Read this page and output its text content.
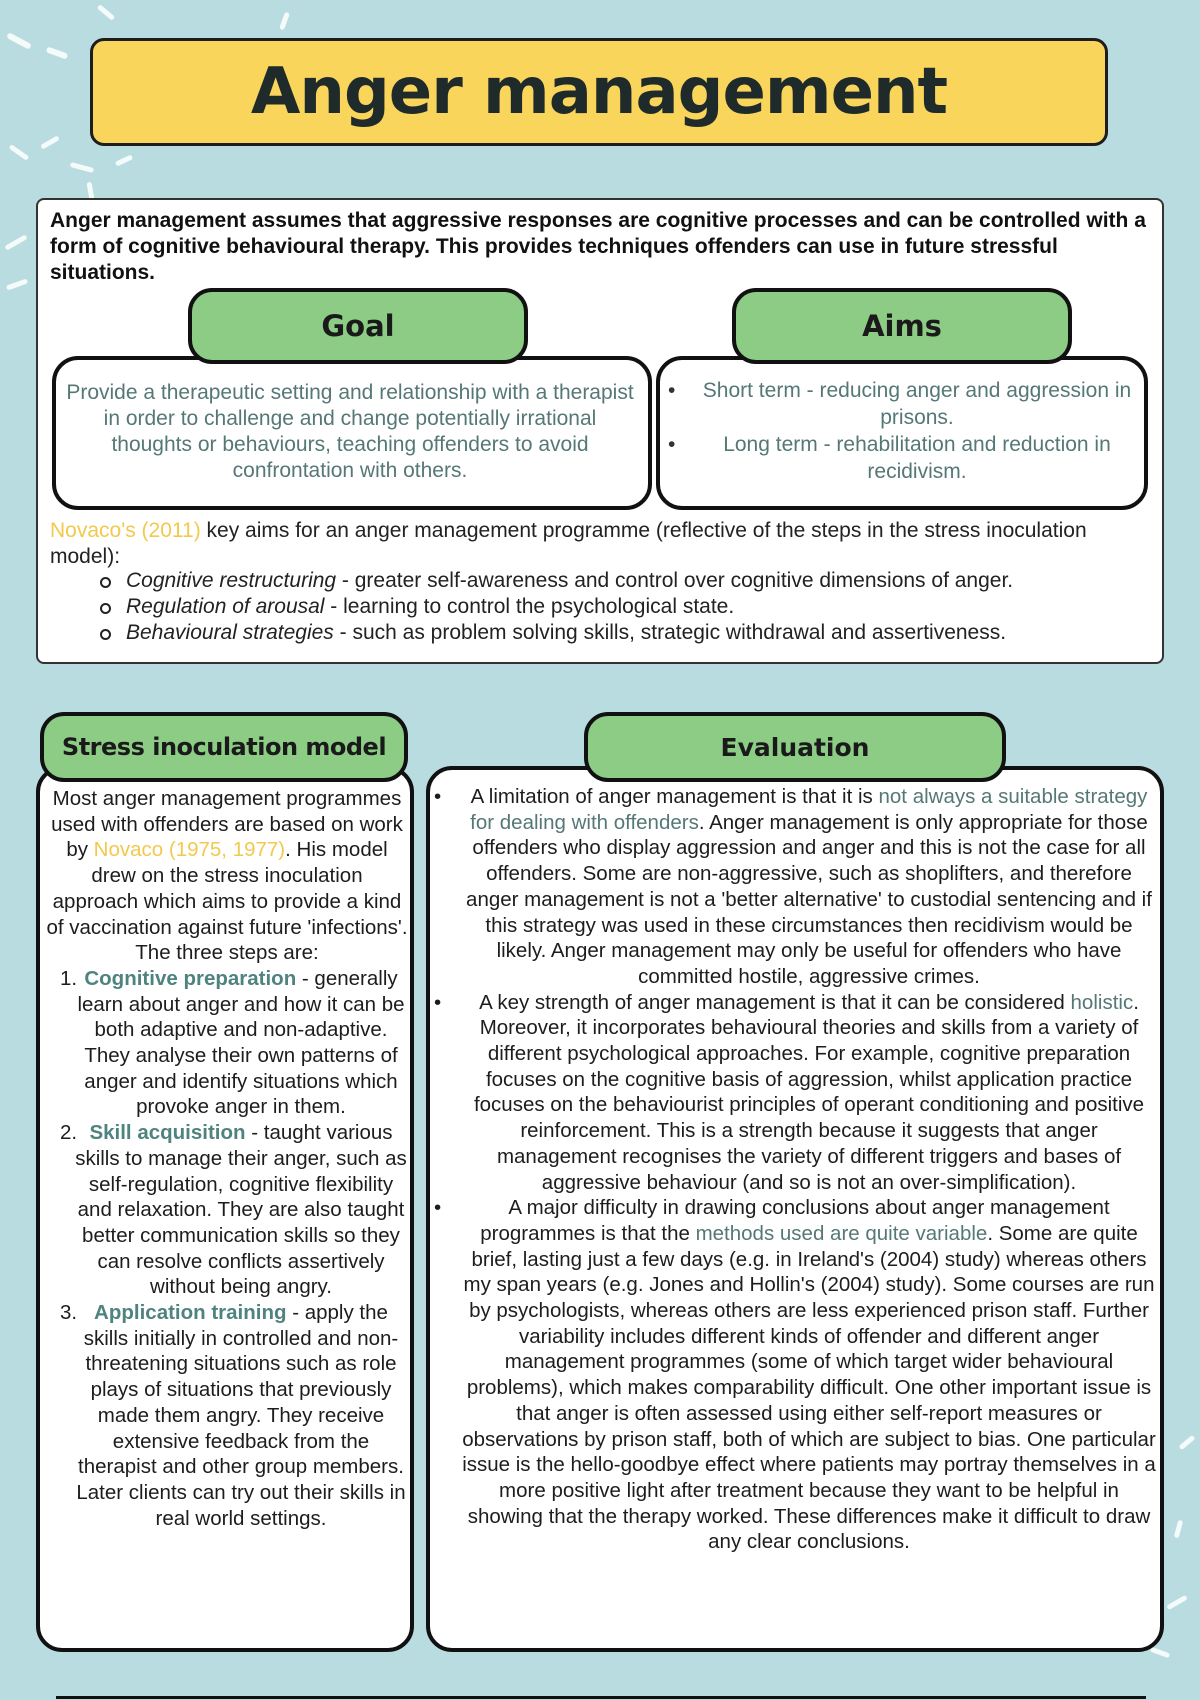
Anger management
Anger management assumes that aggressive responses are cognitive processes and can be controlled with a form of cognitive behavioural therapy. This provides techniques offenders can use in future stressful situations.
Goal
Provide a therapeutic setting and relationship with a therapist in order to challenge and change potentially irrational thoughts or behaviours, teaching offenders to avoid confrontation with others.
Aims
• Short term - reducing anger and aggression in prisons.
• Long term - rehabilitation and reduction in recidivism.
Novaco's (2011) key aims for an anger management programme (reflective of the steps in the stress inoculation model):
Cognitive restructuring - greater self-awareness and control over cognitive dimensions of anger.
Regulation of arousal - learning to control the psychological state.
Behavioural strategies - such as problem solving skills, strategic withdrawal and assertiveness.
Stress inoculation model
Most anger management programmes used with offenders are based on work by Novaco (1975, 1977). His model drew on the stress inoculation approach which aims to provide a kind of vaccination against future 'infections'. The three steps are:
1. Cognitive preparation - generally learn about anger and how it can be both adaptive and non-adaptive. They analyse their own patterns of anger and identify situations which provoke anger in them.
2. Skill acquisition - taught various skills to manage their anger, such as self-regulation, cognitive flexibility and relaxation. They are also taught better communication skills so they can resolve conflicts assertively without being angry.
3. Application training - apply the skills initially in controlled and non-threatening situations such as role plays of situations that previously made them angry. They receive extensive feedback from the therapist and other group members. Later clients can try out their skills in real world settings.
Evaluation
• A limitation of anger management is that it is not always a suitable strategy for dealing with offenders. Anger management is only appropriate for those offenders who display aggression and anger and this is not the case for all offenders. Some are non-aggressive, such as shoplifters, and therefore anger management is not a 'better alternative' to custodial sentencing and if this strategy was used in these circumstances then recidivism would be likely. Anger management may only be useful for offenders who have committed hostile, aggressive crimes.
• A key strength of anger management is that it can be considered holistic. Moreover, it incorporates behavioural theories and skills from a variety of different psychological approaches. For example, cognitive preparation focuses on the cognitive basis of aggression, whilst application practice focuses on the behaviourist principles of operant conditioning and positive reinforcement. This is a strength because it suggests that anger management recognises the variety of different triggers and bases of aggressive behaviour (and so is not an over-simplification).
• A major difficulty in drawing conclusions about anger management programmes is that the methods used are quite variable. Some are quite brief, lasting just a few days (e.g. in Ireland's (2004) study) whereas others my span years (e.g. Jones and Hollin's (2004) study). Some courses are run by psychologists, whereas others are less experienced prison staff. Further variability includes different kinds of offender and different anger management programmes (some of which target wider behavioural problems), which makes comparability difficult. One other important issue is that anger is often assessed using either self-report measures or observations by prison staff, both of which are subject to bias. One particular issue is the hello-goodbye effect where patients may portray themselves in a more positive light after treatment because they want to be helpful in showing that the therapy worked. These differences make it difficult to draw any clear conclusions.
